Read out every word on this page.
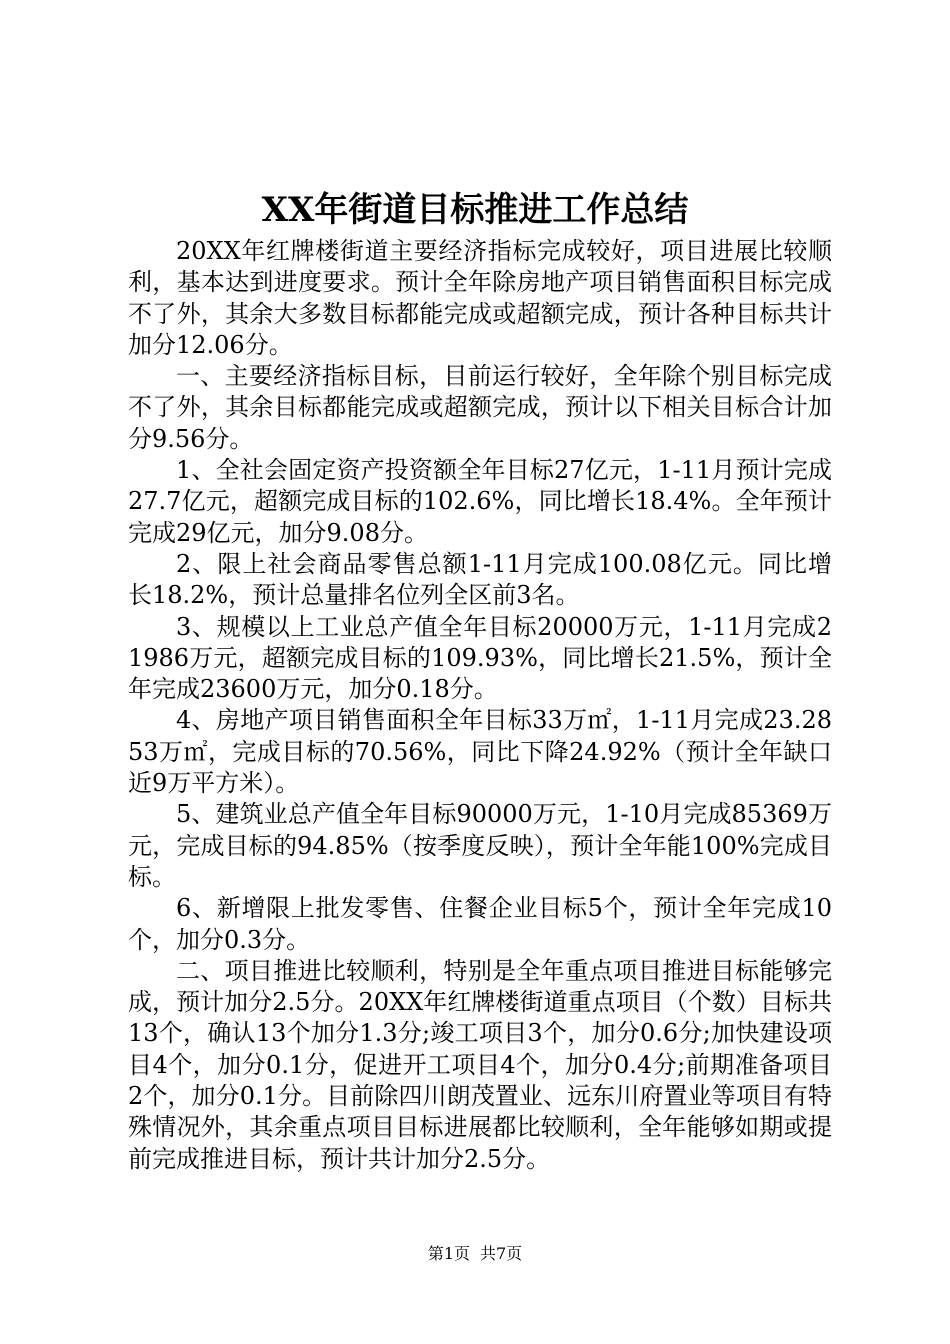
XX年街道目标推进工作总结

20XX年红牌楼街道主要经济指标完成较好，项目进展比较顺利，基本达到进度要求。预计全年除房地产项目销售面积目标完成不了外，其余大多数目标都能完成或超额完成，预计各种目标共计加分12.06分。

一、主要经济指标目标，目前运行较好，全年除个别目标完成不了外，其余目标都能完成或超额完成，预计以下相关目标合计加分9.56分。

1、全社会固定资产投资额全年目标27亿元，1-11月预计完成27.7亿元，超额完成目标的102.6%，同比增长18.4%。全年预计完成29亿元，加分9.08分。

2、限上社会商品零售总额1-11月完成100.08亿元。同比增长18.2%，预计总量排名位列全区前3名。

3、规模以上工业总产值全年目标20000万元，1-11月完成21986万元，超额完成目标的109.93%，同比增长21.5%，预计全年完成23600万元，加分0.18分。

4、房地产项目销售面积全年目标33万㎡，1-11月完成23.2853万㎡，完成目标的70.56%，同比下降24.92%（预计全年缺口近9万平方米）。

5、建筑业总产值全年目标90000万元，1-10月完成85369万元，完成目标的94.85%（按季度反映），预计全年能100%完成目标。

6、新增限上批发零售、住餐企业目标5个，预计全年完成10个，加分0.3分。

二、项目推进比较顺利，特别是全年重点项目推进目标能够完成，预计加分2.5分。20XX年红牌楼街道重点项目（个数）目标共13个，确认13个加分1.3分;竣工项目3个，加分0.6分;加快建设项目4个，加分0.1分，促进开工项目4个，加分0.4分;前期准备项目2个，加分0.1分。目前除四川朗茂置业、远东川府置业等项目有特殊情况外，其余重点项目目标进展都比较顺利，全年能够如期或提前完成推进目标，预计共计加分2.5分。

第1页 共7页
